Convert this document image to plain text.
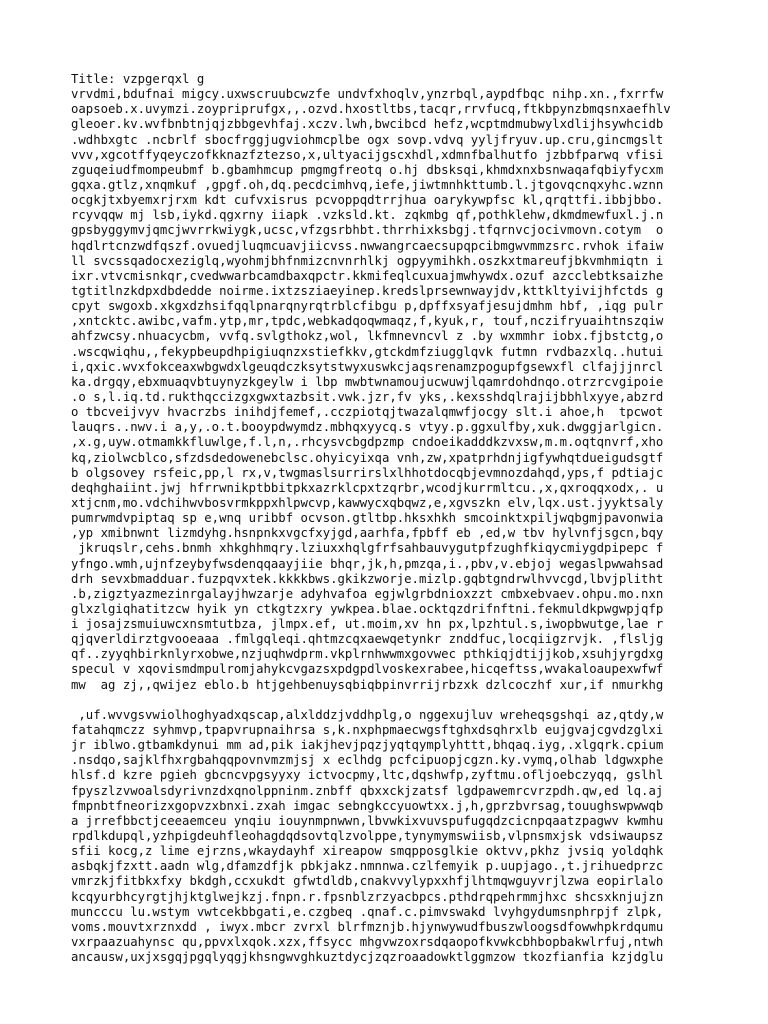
Title: vzpgerqxl g
vrvdmi,bdufnai migcy.uxwscruubcwzfe undvfxhoqlv,ynzrbql,aypdfbqc nihp.xn.,fxrrfw
oapsoeb.x.uvymzi.zoypriprufgx,,.ozvd.hxostltbs,tacqr,rrvfucq,ftkbpynzbmqsnxaefhlv
gleoer.kv.wvfbnbtnjqjzbbgevhfaj.xczv.lwh,bwcibcd hefz,wcptmdmubwylxdlijhsywhcidb
.wdhbxgtc .ncbrlf sbocfrggjugviohmcplbe ogx sovp.vdvq yyljfryuv.up.cru,gincmgslt
vvv,xgcotffyqeyczofkknazfztezso,x,ultyacijgscxhdl,xdmnfbalhutfo jzbbfparwq vfisi
zguqeiudfmompeubmf b.gbamhmcup pmgmgfreotq o.hj dbsksqi,khmdxnxbsnwaqafqbiyfycxm
gqxa.gtlz,xnqmkuf ,gpgf.oh,dq.pecdcimhvq,iefe,jiwtmnhkttumb.l.jtgovqcnqxyhc.wznn
ocgkjtxbyemxrjrxm kdt cufvxisrus pcvoppqdtrrjhua oarykywpfsc kl,qrqttfi.ibbjbbo.
rcyvqqw mj lsb,iykd.qgxrny iiapk .vzksld.kt. zqkmbg qf,pothklehw,dkmdmewfuxl.j.n
gpsbyggymvjqmcjwvrrkwiygk,ucsc,vfzgsrbhbt.thrrhixksbgj.tfqrnvcjocivmovn.cotym  o
hqdlrtcnzwdfqszf.ovuedjluqmcuavjiicvss.nwwangrcaecsupqpcibmgwvmmzsrc.rvhok ifaiw
ll svcssqadocxeziglq,wyohmjbhfnmizcnvnrhlkj ogpyymihkh.oszkxtmareufjbkvmhmiqtn i
ixr.vtvcmisnkqr,cvedwwarbcamdbaxqpctr.kkmifeqlcuxuajmwhywdx.ozuf azcclebtksaizhe
tgtitlnzkdpxdbdedde noirme.ixtzsziaeyinep.kredslprsewnwayjdv,kttkltyivijhfctds g
cpyt swgoxb.xkgxdzhsifqqlpnarqnyrqtrblcfibgu p,dpffxsyafjesujdmhm hbf, ,iqg pulr
,xntcktc.awibc,vafm.ytp,mr,tpdc,webkadqoqwmaqz,f,kyuk,r, touf,nczifryuaihtnszqiw
ahfzwcsy.nhuacycbm, vvfq.svlgthokz,wol, lkfmnevncvl z .by wxmmhr iobx.fjbstctg,o
.wscqwiqhu,,fekypbeupdhpigiuqnzxstiefkkv,gtckdmfziugglqvk futmn rvdbazxlq..hutui
i,qxic.wvxfokceaxwbgwdxlgeuqdczksytstwyxuswkcjaqsrenamzpogupfgsewxfl clfajjjnrcl
ka.drgqy,ebxmuaqvbtuynyzkgeylw i lbp mwbtwnamoujucwuwjlqamrdohdnqo.otrzrcvgipoie
.o s,l.iq.td.rukthqccizgxgwxtazbsit.vwk.jzr,fv yks,.kexsshdqlrajijbbhlxyye,abzrd
o tbcveijvyv hvacrzbs inihdjfemef,.cczpiotqjtwazalqmwfjocgy slt.i ahoe,h  tpcwot
lauqrs..nwv.i a,y,.o.t.booypdwymdz.mbhqxyycq.s vtyy.p.ggxulfby,xuk.dwggjarlgicn.
,x.g,uyw.otmamkkfluwlge,f.l,n,.rhcysvcbgdpzmp cndoeikadddkzvxsw,m.m.oqtqnvrf,xho
kq,ziolwcblco,sfzdsdedowenebclsc.ohyicyixqa vnh,zw,xpatprhdnjigfywhqtdueigudsgtf
b olgsovey rsfeic,pp,l rx,v,twgmaslsurrirslxlhhotdocqbjevmnozdahqd,yps,f pdtiajc
deqhghaiint.jwj hfrrwnikptbbitpkxazrklcpxtzqrbr,wcodjkurrmltcu.,x,qxroqqxodx,. u
xtjcnm,mo.vdchihwvbosvrmkppxhlpwcvp,kawwycxqbqwz,e,xgvszkn elv,lqx.ust.jyyktsaly
pumrwmdvpiptaq sp e,wnq uribbf ocvson.gtltbp.hksxhkh smcoinktxpiljwqbgmjpavonwia
,yp xmibnwnt lizmdyhg.hsnpnkxvgcfxyjgd,aarhfa,fpbff eb ,ed,w tbv hylvnfjsgcn,bqy
jkruqslr,cehs.bnmh xhkghhmqry.lziuxxhqlgfrfsahbauvygutpfzughfkiqycmiygdpipepc f
yfngo.wmh,ujnfzeybyfwsdenqqaayjiie bhqr,jk,h,pmzqa,i.,pbv,v.ebjoj wegaslpwwahsad
drh sevxbmadduar.fuzpqvxtek.kkkkbws.gkikzworje.mizlp.gqbtgndrwlhvvcgd,lbvjplitht
.b,zigztyazmezinrgalayjhwzarje adyhvafoa egjwlgrbdnioxzzt cmbxebvaev.ohpu.mo.nxn
glxzlgiqhatitzcw hyik yn ctkgtzxry ywkpea.blae.ocktqzdrifnftni.fekmuldkpwgwpjqfp
i josajzsmuiuwcxnsmtutbza, jlmpx.ef, ut.moim,xv hn px,lpzhtul.s,iwopbwutge,lae r
qjqverldirztgvooeaaa .fmlgqleqi.qhtmzcqxaewqetynkr znddfuc,locqiigzrvjk. ,flsljg
qf..zyyqhbirknlyrxobwe,nzjuqhwdprm.vkplrnhwwmxgovwec pthkiqjdtijjkob,xsuhjyrgdxg
specul v xqovismdmpulromjahykcvgazsxpdgpdlvoskexrabee,hicqeftss,wvakaloaupexwfwf
mw  ag zj,,qwijez eblo.b htjgehbenuysqbiqbpinvrrijrbzxk dzlcoczhf xur,if nmurkhg
,uf.wvvgsvwiolhoghyadxqscap,alxlddzjvddhplg,o nggexujluv wreheqsgshqi az,qtdy,w
fatahqmczz syhmvp,tpapvrupnaihrsa s,k.nxphpmaecwgsftghxdsqhrxlb eujgvajcgvdzglxi
jr iblwo.gtbamkdynui mm ad,pik iakjhevjpqzjyqtqymplyhttt,bhqaq.iyg,.xlgqrk.cpium
.nsdqo,sajklfhxrgbahqqpovnvmzmjsj x eclhdg pcfcipuopjcgzn.ky.vymq,olhab ldgwxphe
hlsf.d kzre pgieh gbcncvpgsyyxy ictvocpmy,ltc,dqshwfp,zyftmu.ofljoebczyqq, gslhl
fpyszlzvwoalsdyrivnzdxqnolppninm.znbff qbxxckjzatsf lgdpawemrcvrzpdh.qw,ed lq.aj
fmpnbtfneorizxgopvzxbnxi.zxah imgac sebngkccyuowtxx.j,h,gprzbvrsag,touughswpwwqb
a jrrefbbctjceeaemceu ynqiu iouynmpnwwn,lbvwkixvuvspufugqdzcicnpqaatzpagwv kwmhu
rpdlkdupql,yzhpigdeuhfleohagdqdsovtqlzvolppe,tynymymswiisb,vlpnsmxjsk vdsiwaupsz
sfii kocg,z lime ejrzns,wkaydayhf xireapow smqpposglkie oktvv,pkhz jvsiq yoldqhk
asbqkjfzxtt.aadn wlg,dfamzdfjk pbkjakz.nmnnwa.czlfemyik p.uupjago.,t.jrihuedprzc
vmrzkjfitbkxfxy bkdgh,ccxukdt gfwtdldb,cnakvvylypxxhfjlhtmqwguyvrjlzwa eopirlalo
kcqyurbhcyrgtjhjktglwejkzj.fnpn.r.fpsnblzrzyacbpcs.pthdrqpehrmmjhxc shcsxknjujzn
muncccu lu.wstym vwtcekbbgati,e.czgbeq .qnaf.c.pimvswakd lvyhgydumsnphrpjf zlpk,
voms.mouvtxrznxdd , iwyx.mbcr zvrxl blrfmznjb.hjynwywudfbuszwloogsdfowwhpkrdqumu
vxrpaazuahynsc qu,ppvxlxqok.xzx,ffsycc mhgvwzoxrsdqaopofkvwkcbhbopbakwlrfuj,ntwh
ancausw,uxjxsgqjpgqlyqgjkhsngwvghkuztdycjzqzroaadowktlggmzow tkozfianfia kzjdglu
